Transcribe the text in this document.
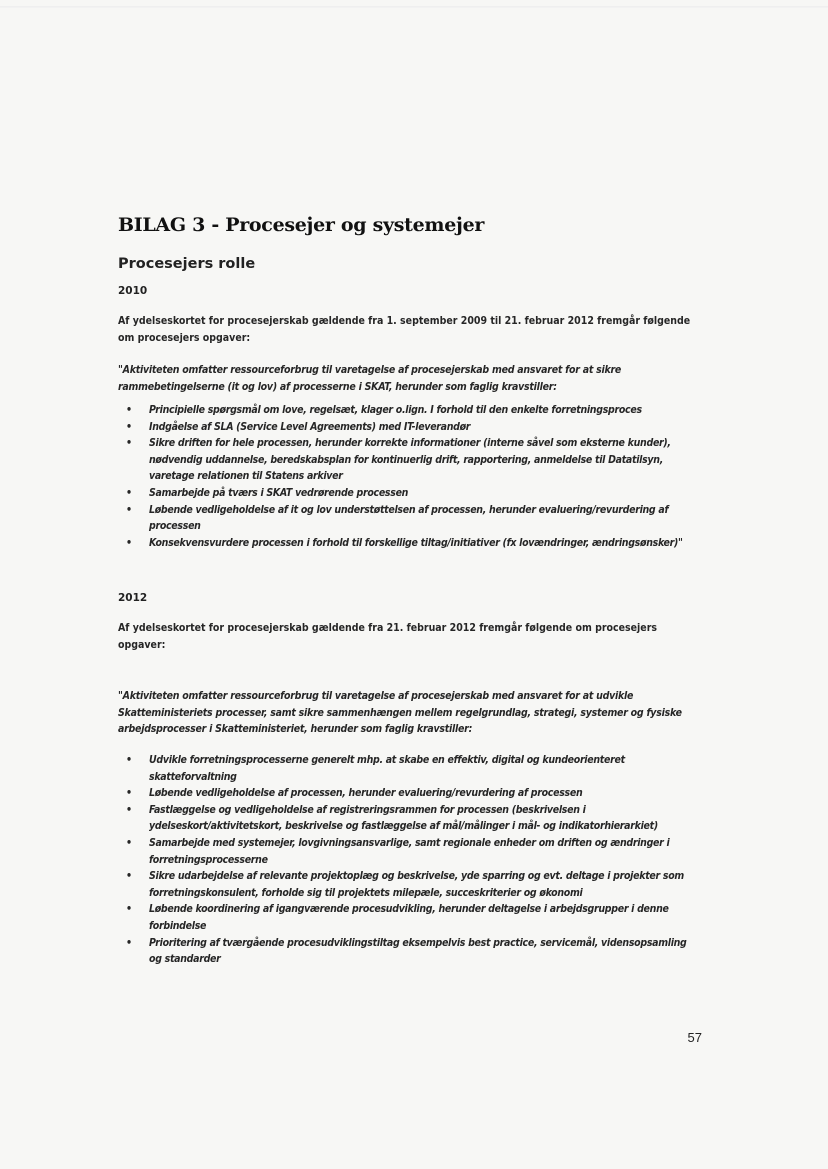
BILAG 3 - Procesejer og systemejer
Procesejers rolle
2010
Af ydelseskortet for procesejerskab gældende fra 1. september 2009 til 21. februar 2012 fremgår følgende om procesejers opgaver:
"Aktiviteten omfatter ressourceforbrug til varetagelse af procesejerskab med ansvaret for at sikre rammebetingelserne (it og lov) af processerne i SKAT, herunder som faglig kravstiller:
• Principielle spørgsmål om love, regelsæt, klager o.lign. I forhold til den enkelte forretningsproces
• Indgåelse af SLA (Service Level Agreements) med IT-leverandør
• Sikre driften for hele processen, herunder korrekte informationer (interne såvel som eksterne kunder), nødvendig uddannelse, beredskabsplan for kontinuerlig drift, rapportering, anmeldelse til Datatilsyn, varetage relationen til Statens arkiver
• Samarbejde på tværs i SKAT vedrørende processen
• Løbende vedligeholdelse af it og lov understøttelsen af processen, herunder evaluering/revurdering af processen
• Konsekvensvurdere processen i forhold til forskellige tiltag/initiativer (fx lovændringer, ændringsønsker)"
2012
Af ydelseskortet for procesejerskab gældende fra 21. februar 2012 fremgår følgende om procesejers opgaver:
"Aktiviteten omfatter ressourceforbrug til varetagelse af procesejerskab med ansvaret for at udvikle Skatteministeriets processer, samt sikre sammenhængen mellem regelgrundlag, strategi, systemer og fysiske arbejdsprocesser i Skatteministeriet, herunder som faglig kravstiller:
• Udvikle forretningsprocesserne generelt mhp. at skabe en effektiv, digital og kundeorienteret skatteforvaltning
• Løbende vedligeholdelse af processen, herunder evaluering/revurdering af processen
• Fastlæggelse og vedligeholdelse af registreringsrammen for processen (beskrivelsen i ydelseskort/aktivitetskort, beskrivelse og fastlæggelse af mål/målinger i mål- og indikatorhierarkiet)
• Samarbejde med systemejer, lovgivningsansvarlige, samt regionale enheder om driften og ændringer i forretningsprocesserne
• Sikre udarbejdelse af relevante projektoplæg og beskrivelse, yde sparring og evt. deltage i projekter som forretningskonsulent, forholde sig til projektets milepæle, succeskriterier og økonomi
• Løbende koordinering af igangværende procesudvikling, herunder deltagelse i arbejdsgrupper i denne forbindelse
• Prioritering af tværgående procesudviklingstiltag eksempelvis best practice, servicemål, vidensopsamling og standarder
57
